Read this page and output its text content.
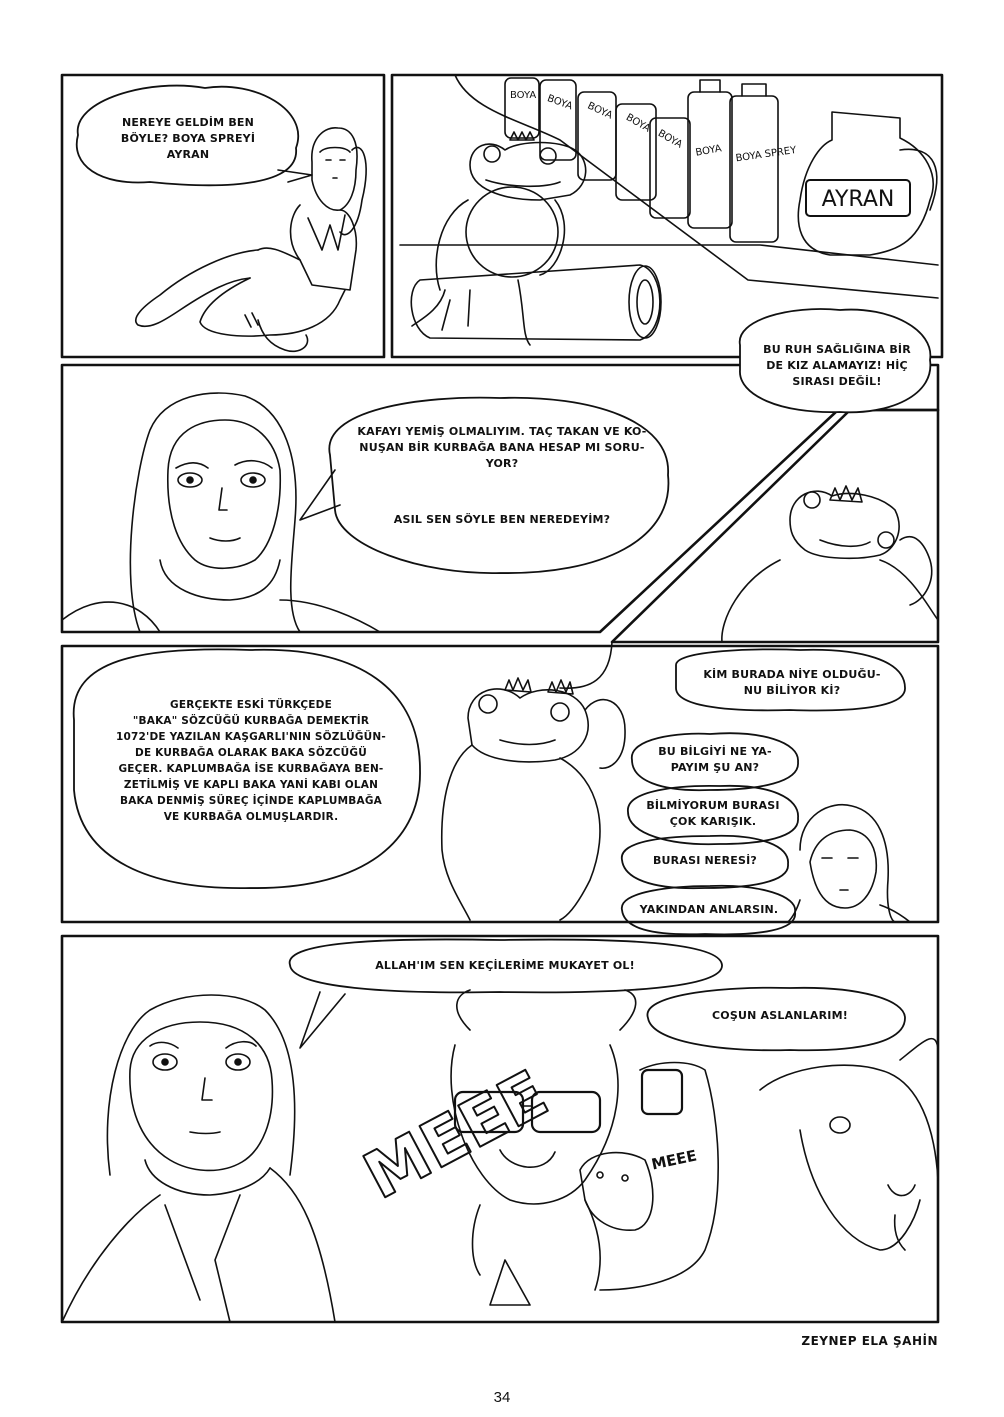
MEEE	MEEE
AYRAN
BOYA BOYA BOYA
BOYA
BOYA
BOYA BOYA SPREY
NEREYE GELDİM BEN
BÖYLE? BOYA SPREYİ
AYRAN
BU RUH SAĞLIĞINA BİR
DE KIZ ALAMAYIZ! HİÇ
SIRASI DEĞİL!
KAFAYI YEMİŞ OLMALIYIM. TAÇ TAKAN VE KO-
NUŞAN BİR KURBAĞA BANA HESAP MI SORU-
YOR?
ASIL SEN SÖYLE BEN NEREDEYİM?
GERÇEKTE ESKİ TÜRKÇEDE
"BAKA" SÖZCÜĞÜ KURBAĞA DEMEKTİR
1072'DE YAZILAN KAŞGARLI'NIN SÖZLÜĞÜN-
DE KURBAĞA OLARAK BAKA SÖZCÜĞÜ
GEÇER. KAPLUMBAĞA İSE KURBAĞAYA BEN-
ZETİLMİŞ VE KAPLI BAKA YANİ KABI OLAN
BAKA DENMİŞ SÜREÇ İÇİNDE KAPLUMBAĞA
VE KURBAĞA OLMUŞLARDIR.
KİM BURADA NİYE OLDUĞU-
NU BİLİYOR Kİ?
BU BİLGİYİ NE YA-
PAYIM ŞU AN?
BİLMİYORUM BURASI
ÇOK KARIŞIK.
BURASI NERESİ?
YAKINDAN ANLARSIN.
ALLAH'IM SEN KEÇİLERİME MUKAYET OL!
COŞUN ASLANLARIM!
ZEYNEP ELA ŞAHİN
34
